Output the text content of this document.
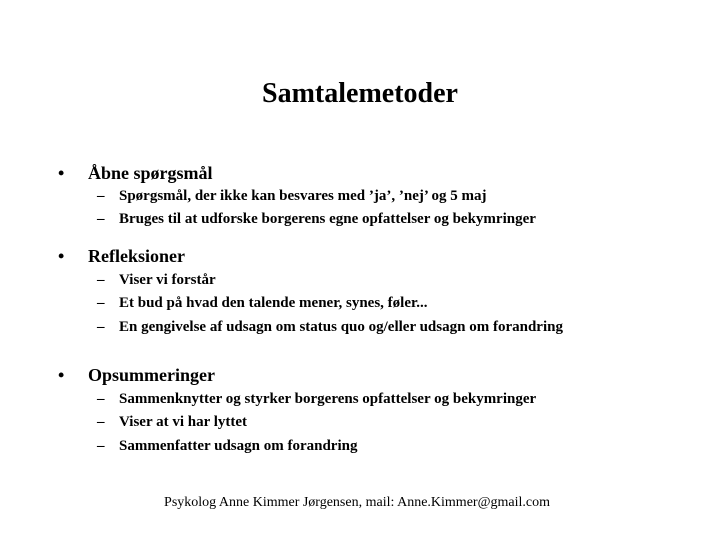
Samtalemetoder
• Åbne spørgsmål
– Spørgsmål, der ikke kan besvares med ’ja’, ’nej’ og 5 maj
– Bruges til at udforske borgerens egne opfattelser og bekymringer
• Refleksioner
– Viser vi forstår
– Et bud på hvad den talende mener, synes, føler...
– En gengivelse af udsagn om status quo og/eller udsagn om forandring
• Opsummeringer
– Sammenknytter og styrker borgerens opfattelser og bekymringer
– Viser at vi har lyttet
– Sammenfatter udsagn om forandring
Psykolog Anne Kimmer Jørgensen, mail: Anne.Kimmer@gmail.com
